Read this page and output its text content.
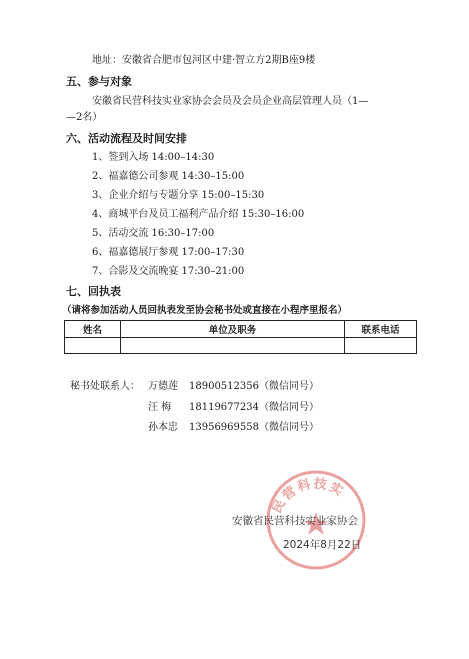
地址：安徽省合肥市包河区中建·智立方2期B座9楼
五、参与对象
安徽省民营科技实业家协会会员及会员企业高层管理人员（1—
—2名）
六、活动流程及时间安排
1、签到入场 14:00–14:30
2、福嘉德公司参观 14:30–15:00
3、企业介绍与专题分享 15:00–15:30
4、商城平台及员工福利产品介绍 15:30–16:00
5、活动交流 16:30–17:00
6、福嘉德展厅参观 17:00–17:30
7、合影及交流晚宴 17:30–21:00
七、回执表
（请将参加活动人员回执表发至协会秘书处或直接在小程序里报名）
姓名	单位及职务	联系电话

秘书处联系人： 万德莲 18900512356（微信同号）
汪 梅 18119677234（微信同号）
孙本忠 13956969558（微信同号）
民营科技实
安徽省民营科技实业家协会
2024年8月22日
